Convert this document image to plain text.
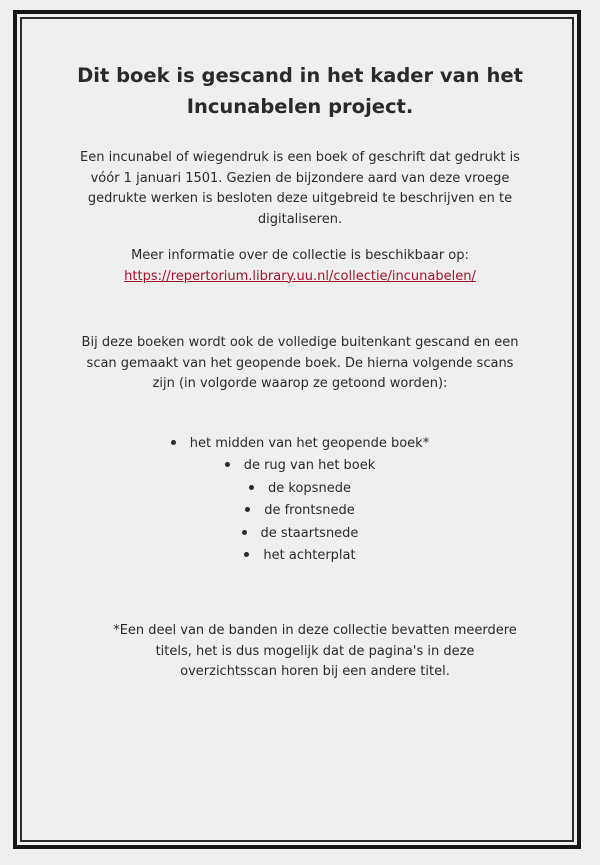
Dit boek is gescand in het kader van het
Incunabelen project.

Een incunabel of wiegendruk is een boek of geschrift dat gedrukt is
vóór 1 januari 1501. Gezien de bijzondere aard van deze vroege
gedrukte werken is besloten deze uitgebreid te beschrijven en te
digitaliseren.

Meer informatie over de collectie is beschikbaar op:
https://repertorium.library.uu.nl/collectie/incunabelen/

Bij deze boeken wordt ook de volledige buitenkant gescand en een
scan gemaakt van het geopende boek. De hierna volgende scans
zijn (in volgorde waarop ze getoond worden):

het midden van het geopende boek*
de rug van het boek
de kopsnede
de frontsnede
de staartsnede
het achterplat

*Een deel van de banden in deze collectie bevatten meerdere
titels, het is dus mogelijk dat de pagina's in deze
overzichtsscan horen bij een andere titel.
